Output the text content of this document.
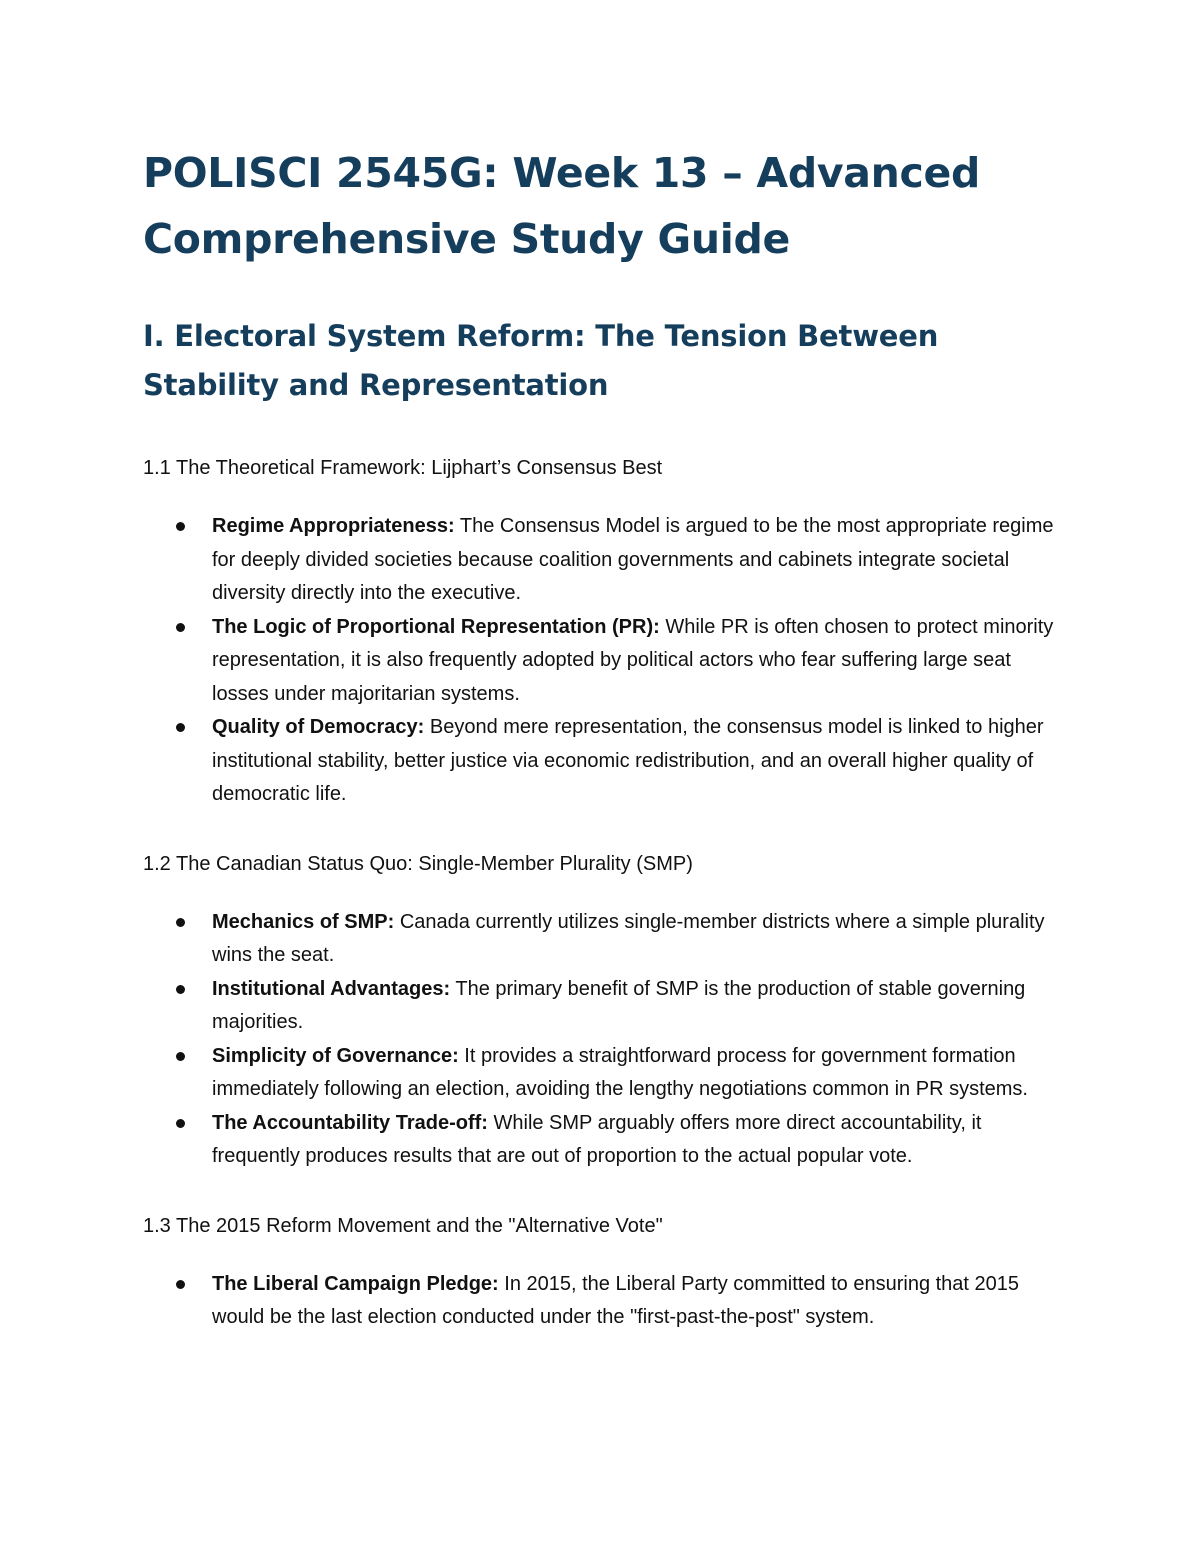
POLISCI 2545G: Week 13 – Advanced Comprehensive Study Guide
I. Electoral System Reform: The Tension Between Stability and Representation

1.1 The Theoretical Framework: Lijphart’s Consensus Best

Regime Appropriateness: The Consensus Model is argued to be the most appropriate regime for deeply divided societies because coalition governments and cabinets integrate societal diversity directly into the executive.
The Logic of Proportional Representation (PR): While PR is often chosen to protect minority representation, it is also frequently adopted by political actors who fear suffering large seat losses under majoritarian systems.
Quality of Democracy: Beyond mere representation, the consensus model is linked to higher institutional stability, better justice via economic redistribution, and an overall higher quality of democratic life.

1.2 The Canadian Status Quo: Single-Member Plurality (SMP)

Mechanics of SMP: Canada currently utilizes single-member districts where a simple plurality wins the seat.
Institutional Advantages: The primary benefit of SMP is the production of stable governing majorities.
Simplicity of Governance: It provides a straightforward process for government formation immediately following an election, avoiding the lengthy negotiations common in PR systems.
The Accountability Trade-off: While SMP arguably offers more direct accountability, it frequently produces results that are out of proportion to the actual popular vote.

1.3 The 2015 Reform Movement and the "Alternative Vote"

The Liberal Campaign Pledge: In 2015, the Liberal Party committed to ensuring that 2015 would be the last election conducted under the "first-past-the-post" system.
